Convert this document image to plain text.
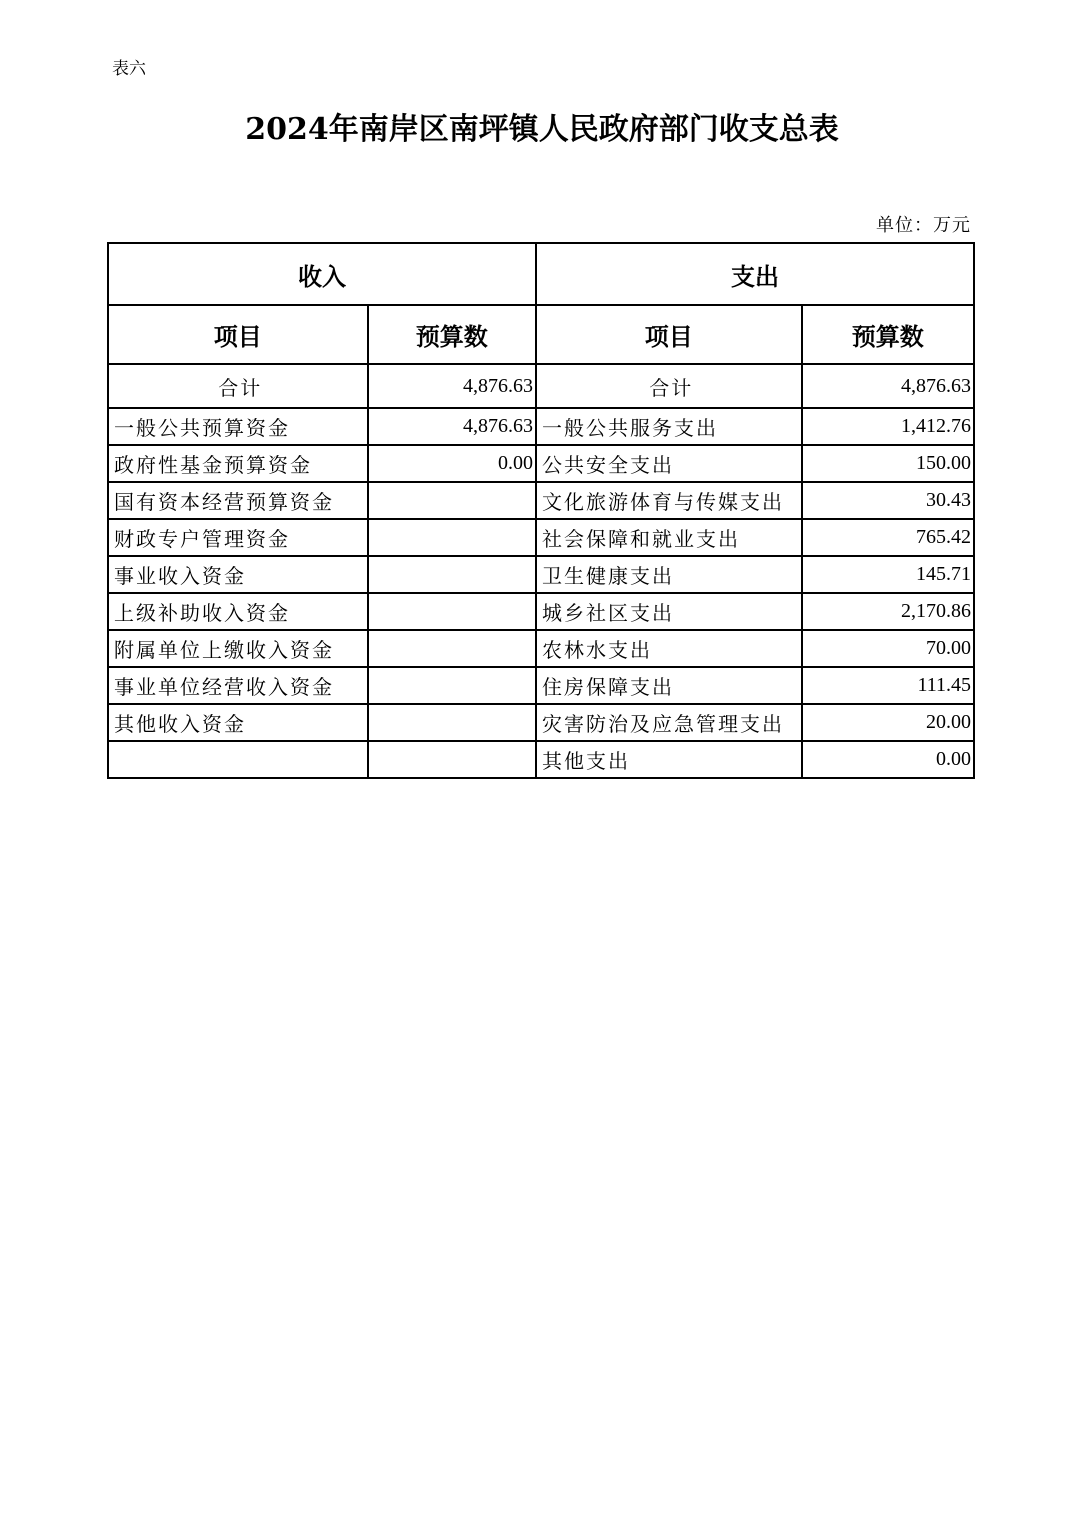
表六
2024年南岸区南坪镇人民政府部门收支总表
单位：万元
收入		支出	
项目	预算数	项目	预算数
合计	4,876.63	合计	4,876.63
一般公共预算资金	4,876.63	一般公共服务支出	1,412.76
政府性基金预算资金	0.00	公共安全支出	150.00
国有资本经营预算资金		文化旅游体育与传媒支出	30.43
财政专户管理资金		社会保障和就业支出	765.42
事业收入资金		卫生健康支出	145.71
上级补助收入资金		城乡社区支出	2,170.86
附属单位上缴收入资金		农林水支出	70.00
事业单位经营收入资金		住房保障支出	111.45
其他收入资金		灾害防治及应急管理支出	20.00
		其他支出	0.00
